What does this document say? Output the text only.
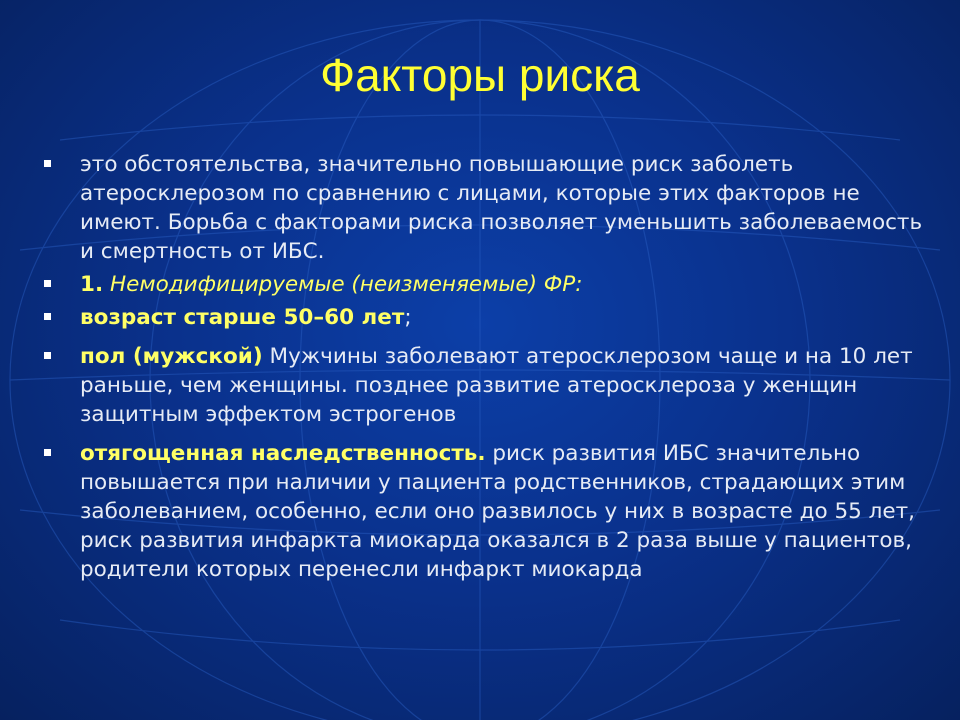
Факторы риска
это обстоятельства, значительно повышающие риск заболеть атеросклерозом по сравнению с лицами, которые этих факторов не имеют. Борьба с факторами риска позволяет уменьшить заболеваемость и смертность от ИБС.
1. Немодифицируемые (неизменяемые) ФР:
возраст старше 50–60 лет;
пол (мужской) Мужчины заболевают атеросклерозом чаще и на 10 лет раньше, чем женщины. позднее развитие атеросклероза у женщин защитным эффектом эстрогенов
отягощенная наследственность. риск развития ИБС значительно повышается при наличии у пациента родственников, страдающих этим заболеванием, особенно, если оно развилось у них в возрасте до 55 лет, риск развития инфаркта миокарда оказался в 2 раза выше у пациентов, родители которых перенесли инфаркт миокарда
